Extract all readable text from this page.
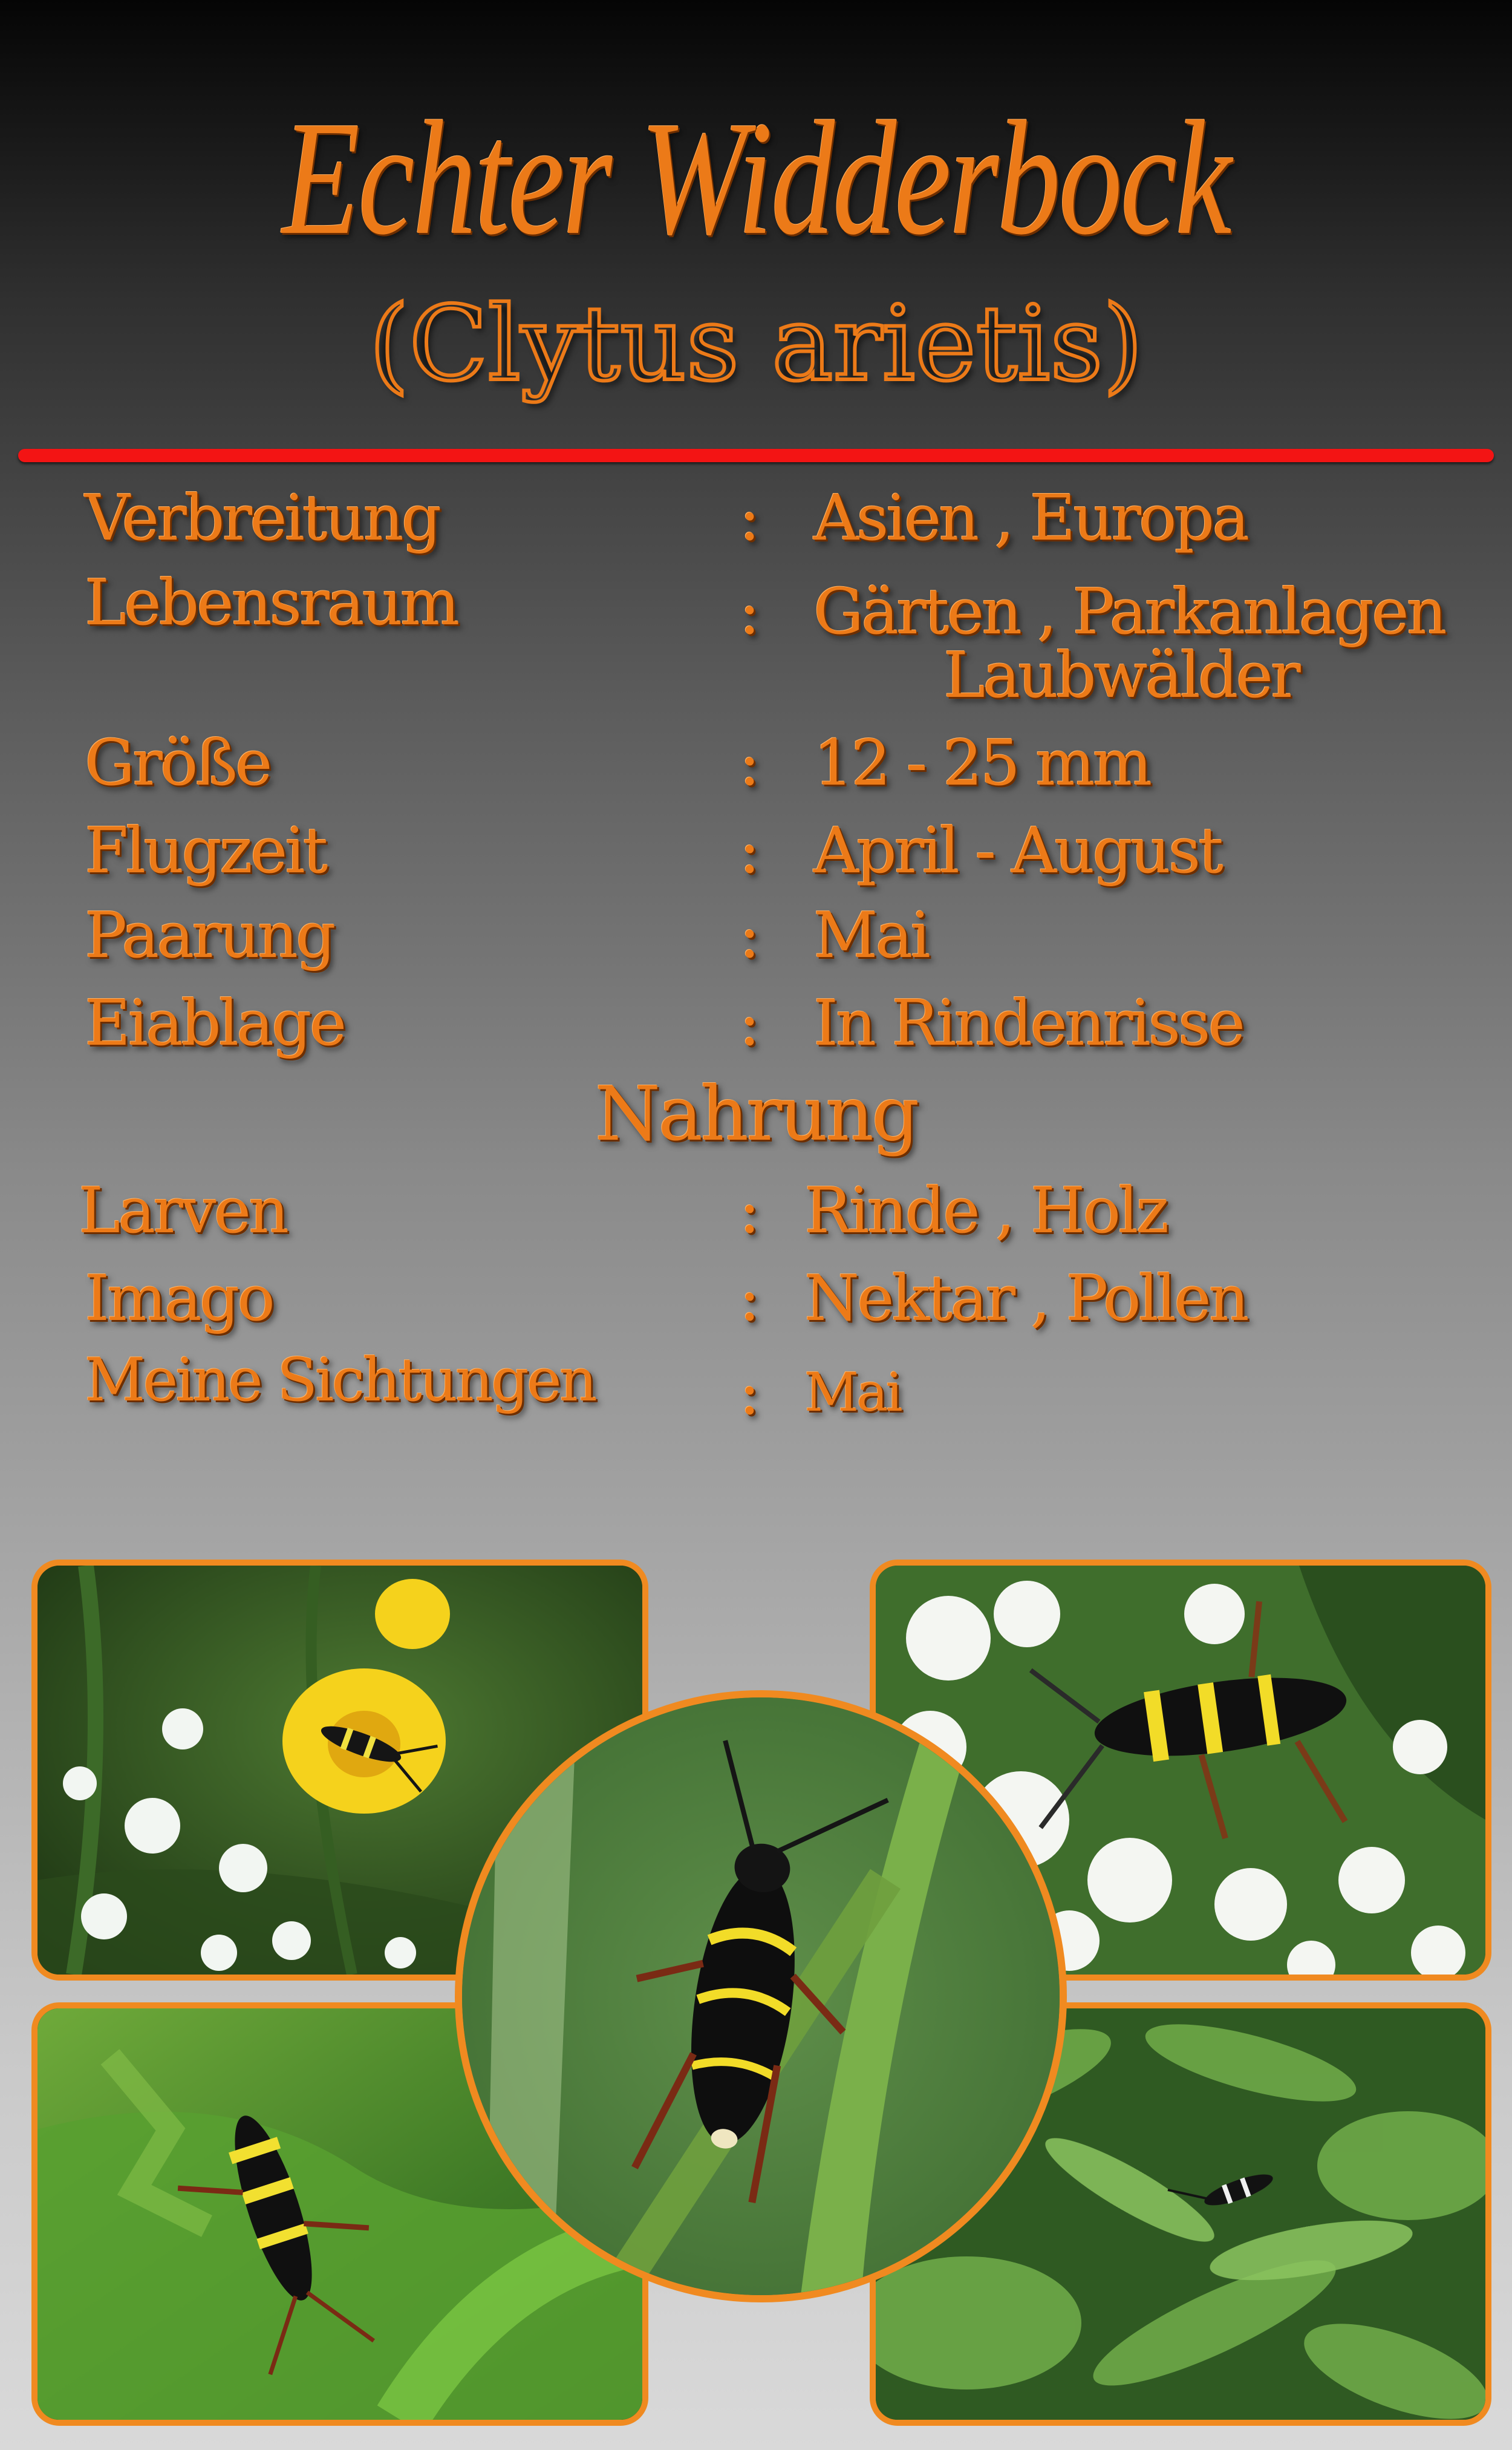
Echter Widderbock
(Clytus arietis)
Verbreitung	: Asien , Europa
Lebensraum	: Gärten , Parkanlagen
Laubwälder
Größe	: 12 - 25 mm
Flugzeit	: April - August
Paarung	: Mai
Eiablage	: In Rindenrisse
Nahrung
Larven	: Rinde , Holz
Imago	: Nektar , Pollen
Meine Sichtungen : Mai
